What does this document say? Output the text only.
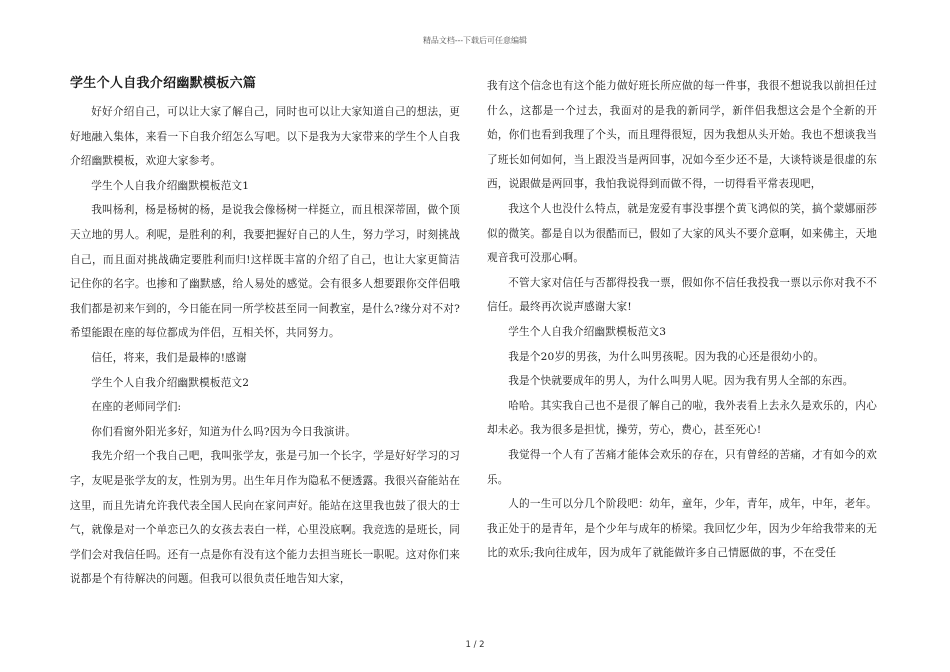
精品文档---下载后可任意编辑
学生个人自我介绍幽默模板六篇

好好介绍自己，可以让大家了解自己，同时也可以让大家知道自己的想法，更好地融入集体，来看一下自我介绍怎么写吧。以下是我为大家带来的学生个人自我介绍幽默模板，欢迎大家参考。

学生个人自我介绍幽默模板范文1

我叫杨利，杨是杨树的杨，是说我会像杨树一样挺立，而且根深蒂固，做个顶天立地的男人。利呢，是胜利的利，我要把握好自己的人生，努力学习，时刻挑战自己，而且面对挑战确定要胜利而归!这样既丰富的介绍了自己，也让大家更简洁记住你的名字。也掺和了幽默感，给人易处的感觉。会有很多人想要跟你交伴侣哦我们都是初来乍到的，今日能在同一所学校甚至同一间教室，是什么?缘分对不对?希望能跟在座的每位都成为伴侣，互相关怀，共同努力。

信任，将来，我们是最棒的!感谢

学生个人自我介绍幽默模板范文2

在座的老师同学们:

你们看窗外阳光多好，知道为什么吗?因为今日我演讲。

我先介绍一个我自己吧，我叫张学友，张是弓加一个长字，学是好好学习的习字，友呢是张学友的友，性别为男。出生年月作为隐私不便透露。我很兴奋能站在这里，而且先请允许我代表全国人民向在家问声好。能站在这里我也鼓了很大的士气，就像是对一个单恋已久的女孩去表白一样，心里没底啊。我竞选的是班长，同学们会对我信任吗。还有一点是你有没有这个能力去担当班长一职呢。这对你们来说都是个有待解决的问题。但我可以很负责任地告知大家，

我有这个信念也有这个能力做好班长所应做的每一件事，我很不想说我以前担任过什么，这都是一个过去，我面对的是我的新同学，新伴侣我想这会是个全新的开始，你们也看到我理了个头，而且理得很短，因为我想从头开始。我也不想谈我当了班长如何如何，当上跟没当是两回事，况如今至少还不是，大谈特谈是很虚的东西，说跟做是两回事，我怕我说得到而做不得，一切得看平常表现吧，

我这个人也没什么特点，就是宠爱有事没事摆个黄飞鸿似的笑，搞个蒙娜丽莎似的微笑。都是自以为很酷而已，假如了大家的风头不要介意啊，如来佛主，天地观音我可没那心啊。

不管大家对信任与否都得投我一票，假如你不信任我投我一票以示你对我不不信任。最终再次说声感谢大家!

学生个人自我介绍幽默模板范文3

我是个20岁的男孩，为什么叫男孩呢。因为我的心还是很幼小的。

我是个快就要成年的男人，为什么叫男人呢。因为我有男人全部的东西。

哈哈。其实我自己也不是很了解自己的啦，我外表看上去永久是欢乐的，内心却未必。我为很多是担忧，操劳，劳心，费心，甚至死心!

我觉得一个人有了苦痛才能体会欢乐的存在，只有曾经的苦痛，才有如今的欢乐。

人的一生可以分几个阶段吧：幼年，童年，少年，青年，成年，中年，老年。我正处于的是青年，是个少年与成年的桥梁。我回忆少年，因为少年给我带来的无比的欢乐;我向往成年，因为成年了就能做许多自己情愿做的事，不在受任

1 / 2
